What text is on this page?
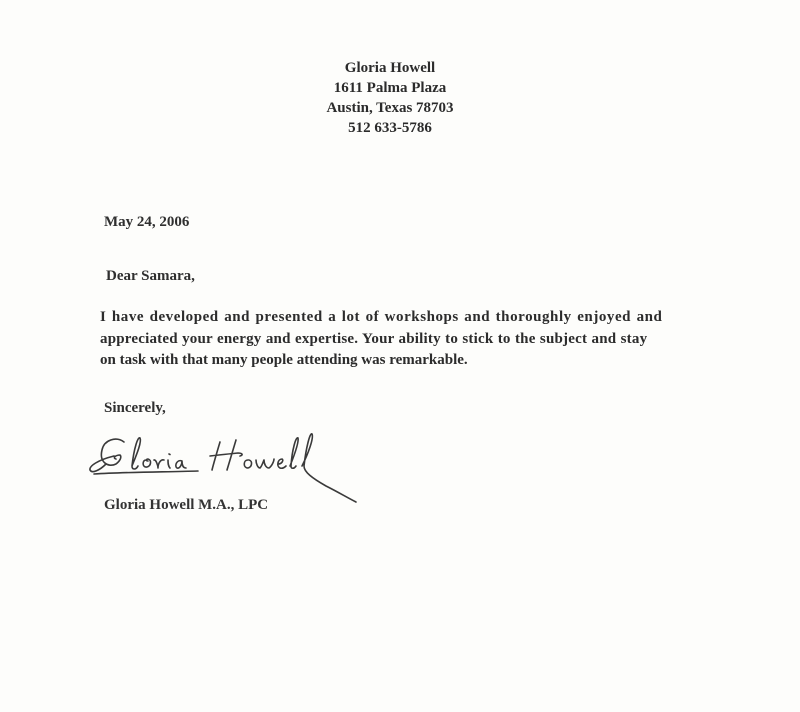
Gloria Howell
1611 Palma Plaza
Austin, Texas 78703
512 633-5786
May 24, 2006
Dear Samara,
I have developed and presented a lot of workshops and thoroughly enjoyed and
appreciated your energy and expertise. Your ability to stick to the subject and stay
on task with that many people attending was remarkable.
Sincerely,
Gloria Howell M.A., LPC
